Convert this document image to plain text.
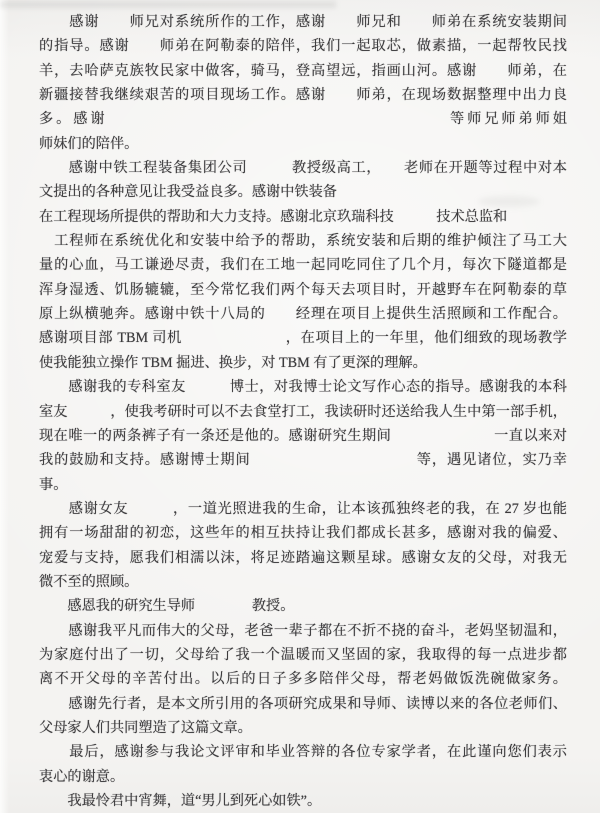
　　感谢　　师兄对系统所作的工作，感谢　　师兄和　　师弟在系统安装期间
的指导。感谢　　师弟在阿勒泰的陪伴，我们一起取芯，做素描，一起帮牧民找
羊，去哈萨克族牧民家中做客，骑马，登高望远，指画山河。感谢　　师弟，在
新疆接替我继续艰苦的项目现场工作。感谢　　师弟，在现场数据整理中出力良
多。感谢　　　　　　　　　　　　　　　　　　　　等师兄师弟师姐
师妹们的陪伴。
　　感谢中铁工程装备集团公司　　　教授级高工，　　老师在开题等过程中对本
文提出的各种意见让我受益良多。感谢中铁装备
在工程现场所提供的帮助和大力支持。感谢北京玖瑞科技　　　技术总监和
　工程师在系统优化和安装中给予的帮助，系统安装和后期的维护倾注了马工大
量的心血，马工谦逊尽责，我们在工地一起同吃同住了几个月，每次下隧道都是
浑身湿透、饥肠辘辘，至今常忆我们两个每天去项目时，开越野车在阿勒泰的草
原上纵横驰奔。感谢中铁十八局的　　经理在项目上提供生活照顾和工作配合。
感谢项目部 TBM 司机　　　　　　　，在项目上的一年里，他们细致的现场教学
使我能独立操作 TBM 掘进、换步，对 TBM 有了更深的理解。
　　感谢我的专科室友　　　博士，对我博士论文写作心态的指导。感谢我的本科
室友　　　，使我考研时可以不去食堂打工，我读研时还送给我人生中第一部手机，
现在唯一的两条裤子有一条还是他的。感谢研究生期间　　　　　　　一直以来对
我的鼓励和支持。感谢博士期间　　　　　　　　　　　等，遇见诸位，实乃幸
事。
　　感谢女友　　　，一道光照进我的生命，让本该孤独终老的我，在 27 岁也能
拥有一场甜甜的初恋，这些年的相互扶持让我们都成长甚多，感谢对我的偏爱、
宠爱与支持，愿我们相濡以沫，将足迹踏遍这颗星球。感谢女友的父母，对我无
微不至的照顾。
　　感恩我的研究生导师　　　　教授。
　　感谢我平凡而伟大的父母，老爸一辈子都在不折不挠的奋斗，老妈坚韧温和，
为家庭付出了一切，父母给了我一个温暖而又坚固的家，我取得的每一点进步都
离不开父母的辛苦付出。以后的日子多多陪伴父母，帮老妈做饭洗碗做家务。
　　感谢先行者，是本文所引用的各项研究成果和导师、读博以来的各位老师们、
父母家人们共同塑造了这篇文章。
　　最后，感谢参与我论文评审和毕业答辩的各位专家学者，在此谨向您们表示
衷心的谢意。
　　我最怜君中宵舞，道“男儿到死心如铁”。
